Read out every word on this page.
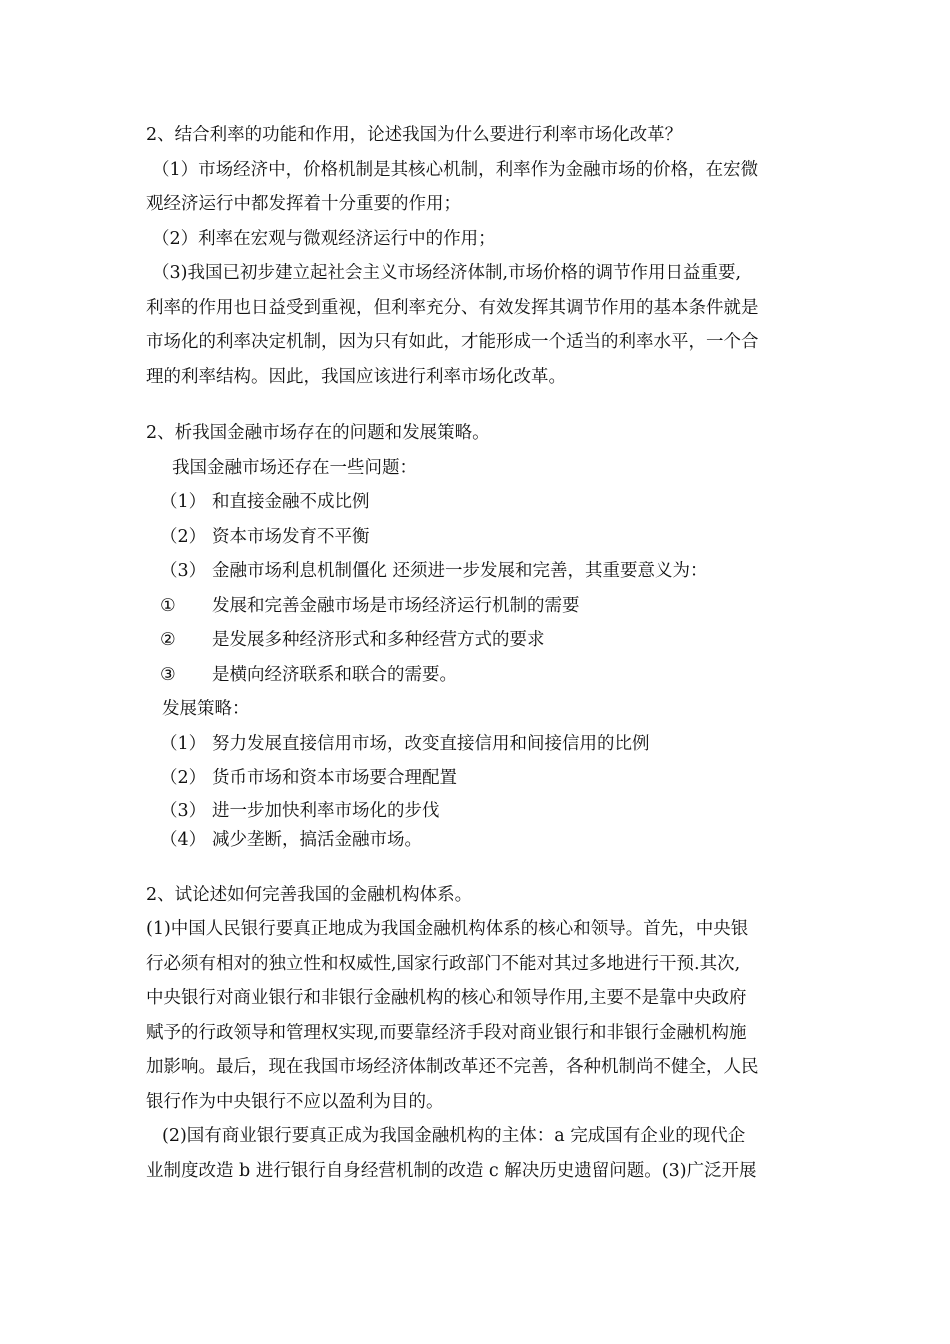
2、结合利率的功能和作用，论述我国为什么要进行利率市场化改革？

（1）市场经济中，价格机制是其核心机制，利率作为金融市场的价格，在宏微

观经济运行中都发挥着十分重要的作用；

（2）利率在宏观与微观经济运行中的作用；

（3)我国已初步建立起社会主义市场经济体制,市场价格的调节作用日益重要,

利率的作用也日益受到重视，但利率充分、有效发挥其调节作用的基本条件就是

市场化的利率决定机制，因为只有如此，才能形成一个适当的利率水平，一个合

理的利率结构。因此，我国应该进行利率市场化改革。

2、析我国金融市场存在的问题和发展策略。

我国金融市场还存在一些问题：

（1） 和直接金融不成比例
（2） 资本市场发育不平衡
（3） 金融市场利息机制僵化 还须进一步发展和完善，其重要意义为：
①	发展和完善金融市场是市场经济运行机制的需要
②	是发展多种经济形式和多种经营方式的要求
③	是横向经济联系和联合的需要。

发展策略：

（1） 努力发展直接信用市场，改变直接信用和间接信用的比例
（2） 货币市场和资本市场要合理配置
（3） 进一步加快利率市场化的步伐
（4） 减少垄断，搞活金融市场。

2、试论述如何完善我国的金融机构体系。

(1)中国人民银行要真正地成为我国金融机构体系的核心和领导。首先，中央银

行必须有相对的独立性和权威性,国家行政部门不能对其过多地进行干预.其次,

中央银行对商业银行和非银行金融机构的核心和领导作用,主要不是靠中央政府

赋予的行政领导和管理权实现,而要靠经济手段对商业银行和非银行金融机构施

加影响。最后，现在我国市场经济体制改革还不完善，各种机制尚不健全，人民

银行作为中央银行不应以盈利为目的。

(2)国有商业银行要真正成为我国金融机构的主体：a 完成国有企业的现代企

业制度改造 b 进行银行自身经营机制的改造 c 解决历史遗留问题。(3)广泛开展
